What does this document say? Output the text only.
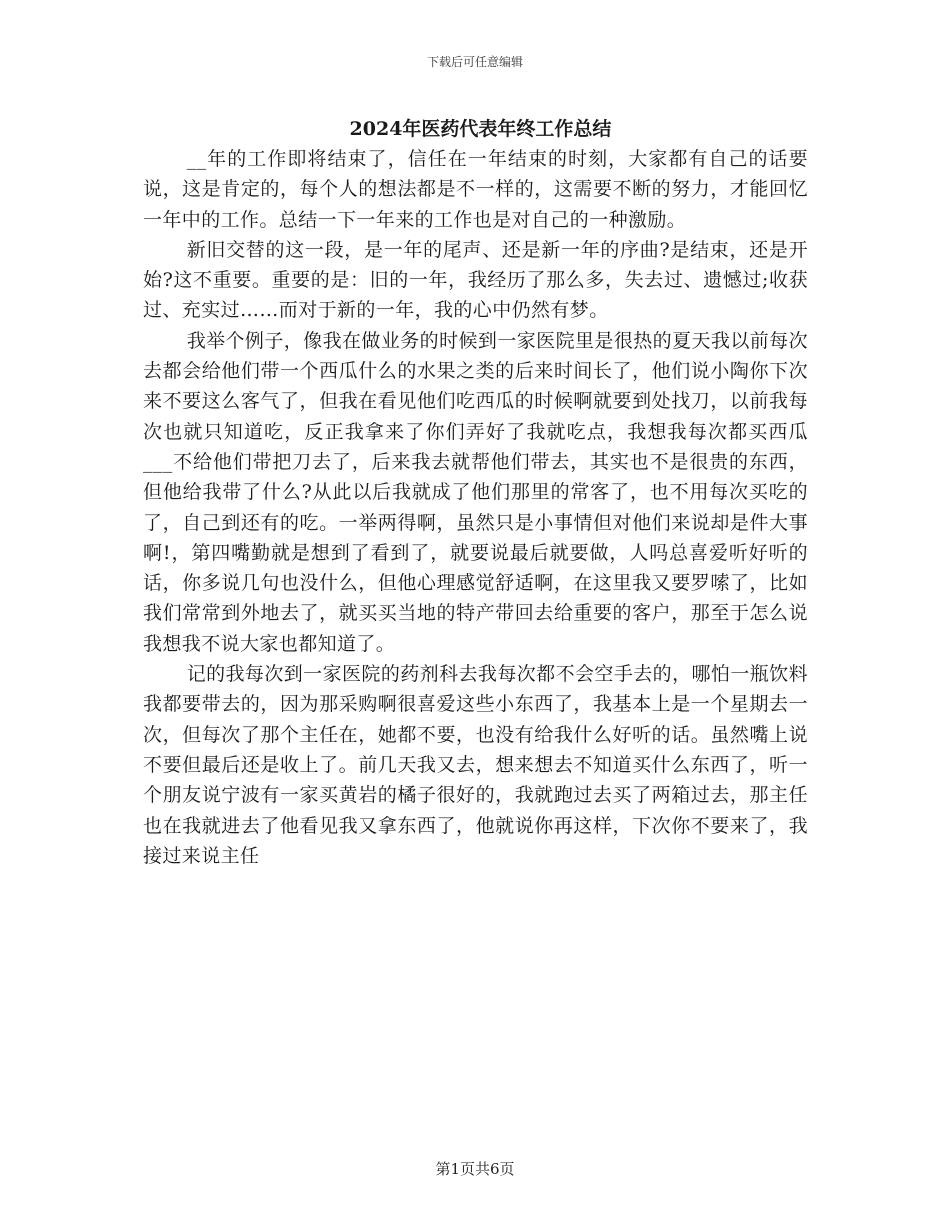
下载后可任意编辑
2024年医药代表年终工作总结

__年的工作即将结束了，信任在一年结束的时刻，大家都有自己的话要说，这是肯定的，每个人的想法都是不一样的，这需要不断的努力，才能回忆一年中的工作。总结一下一年来的工作也是对自己的一种激励。

新旧交替的这一段，是一年的尾声、还是新一年的序曲?是结束，还是开始?这不重要。重要的是：旧的一年，我经历了那么多，失去过、遗憾过;收获过、充实过……而对于新的一年，我的心中仍然有梦。

我举个例子，像我在做业务的时候到一家医院里是很热的夏天我以前每次去都会给他们带一个西瓜什么的水果之类的后来时间长了，他们说小陶你下次来不要这么客气了，但我在看见他们吃西瓜的时候啊就要到处找刀，以前我每次也就只知道吃，反正我拿来了你们弄好了我就吃点，我想我每次都买西瓜___不给他们带把刀去了，后来我去就帮他们带去，其实也不是很贵的东西，但他给我带了什么?从此以后我就成了他们那里的常客了，也不用每次买吃的了，自己到还有的吃。一举两得啊，虽然只是小事情但对他们来说却是件大事啊!，第四嘴勤就是想到了看到了，就要说最后就要做，人吗总喜爱听好听的话，你多说几句也没什么，但他心理感觉舒适啊，在这里我又要罗嗦了，比如我们常常到外地去了，就买买当地的特产带回去给重要的客户，那至于怎么说我想我不说大家也都知道了。

记的我每次到一家医院的药剂科去我每次都不会空手去的，哪怕一瓶饮料我都要带去的，因为那采购啊很喜爱这些小东西了，我基本上是一个星期去一次，但每次了那个主任在，她都不要，也没有给我什么好听的话。虽然嘴上说不要但最后还是收上了。前几天我又去，想来想去不知道买什么东西了，听一个朋友说宁波有一家买黄岩的橘子很好的，我就跑过去买了两箱过去，那主任也在我就进去了他看见我又拿东西了，他就说你再这样，下次你不要来了，我接过来说主任

第1页共6页
